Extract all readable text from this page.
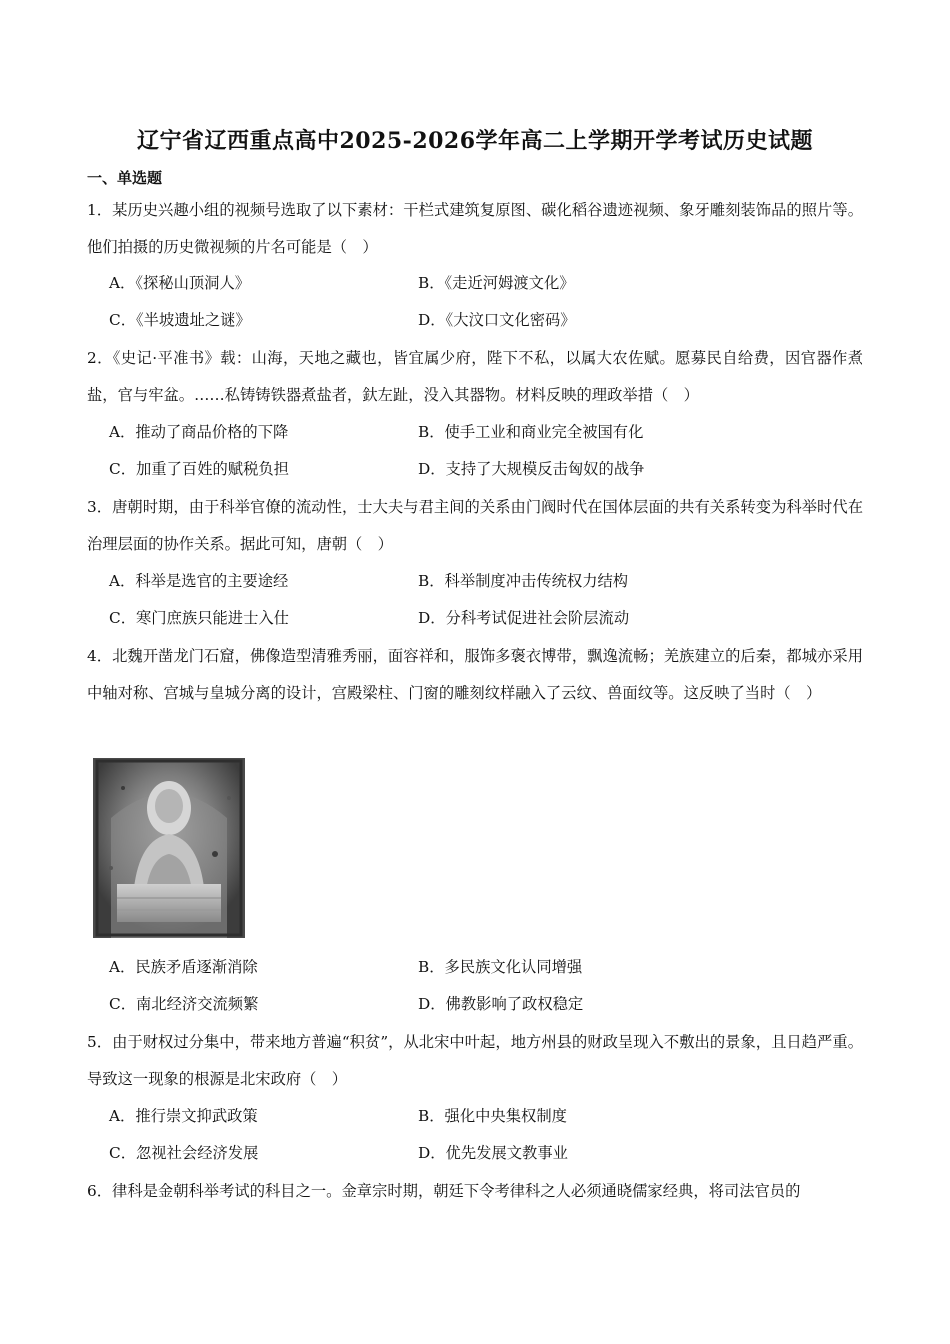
辽宁省辽西重点高中2025-2026学年高二上学期开学考试历史试题
一、单选题
1．某历史兴趣小组的视频号选取了以下素材：干栏式建筑复原图、碳化稻谷遗迹视频、象牙雕刻装饰品的照片等。他们拍摄的历史微视频的片名可能是（　）
A．《探秘山顶洞人》	B．《走近河姆渡文化》
C．《半坡遗址之谜》	D．《大汶口文化密码》
2．《史记·平准书》载：山海，天地之藏也，皆宜属少府，陛下不私，以属大农佐赋。愿募民自给费，因官器作煮盐，官与牢盆。……私铸铸铁器煮盐者，釱左趾，没入其器物。材料反映的理政举措（　）
A．推动了商品价格的下降	B．使手工业和商业完全被国有化
C．加重了百姓的赋税负担	D．支持了大规模反击匈奴的战争
3．唐朝时期，由于科举官僚的流动性，士大夫与君主间的关系由门阀时代在国体层面的共有关系转变为科举时代在治理层面的协作关系。据此可知，唐朝（　）
A．科举是选官的主要途经	B．科举制度冲击传统权力结构
C．寒门庶族只能进士入仕	D．分科考试促进社会阶层流动
4．北魏开凿龙门石窟，佛像造型清雅秀丽，面容祥和，服饰多褒衣博带，飘逸流畅；羌族建立的后秦，都城亦采用中轴对称、宫城与皇城分离的设计，宫殿梁柱、门窗的雕刻纹样融入了云纹、兽面纹等。这反映了当时（　）
A．民族矛盾逐渐消除	B．多民族文化认同增强
C．南北经济交流频繁	D．佛教影响了政权稳定
5．由于财权过分集中，带来地方普遍“积贫”，从北宋中叶起，地方州县的财政呈现入不敷出的景象，且日趋严重。导致这一现象的根源是北宋政府（　）
A．推行崇文抑武政策	B．强化中央集权制度
C．忽视社会经济发展	D．优先发展文教事业
6．律科是金朝科举考试的科目之一。金章宗时期，朝廷下令考律科之人必须通晓儒家经典，将司法官员的
